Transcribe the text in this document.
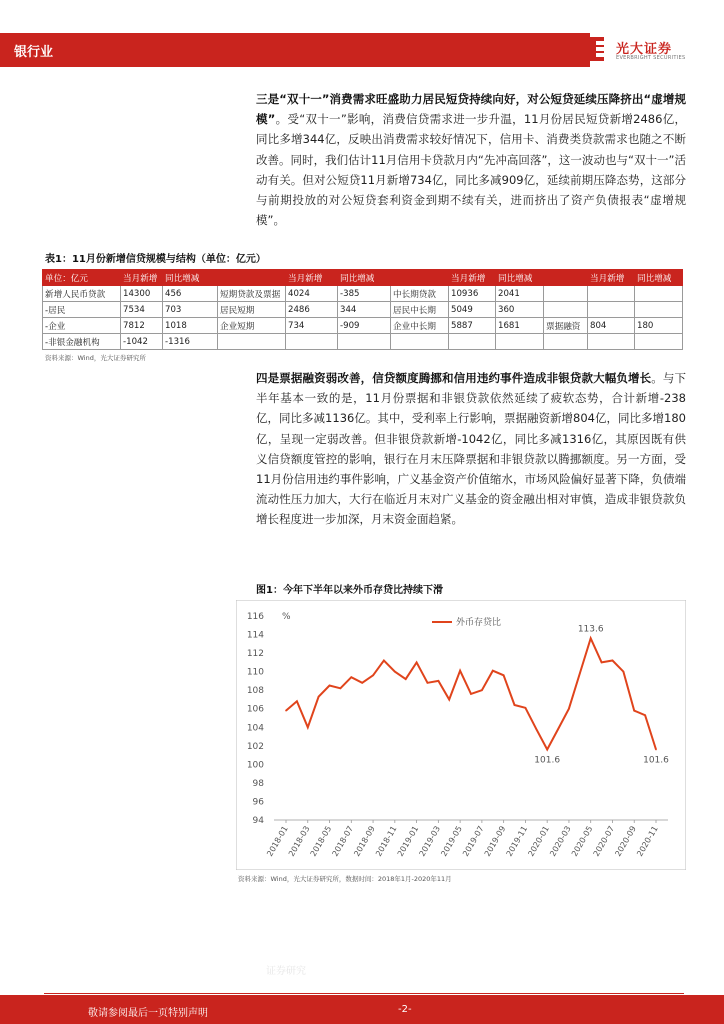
银行业	光大证券
EVERBRIGHT SECURITIES
三是“双十一”消费需求旺盛助力居民短贷持续向好，对公短贷延续压降挤出“虚增规模”。受“双十一”影响，消费信贷需求进一步升温，11月份居民短贷新增2486亿，同比多增344亿，反映出消费需求较好情况下，信用卡、消费类贷款需求也随之不断改善。同时，我们估计11月信用卡贷款月内“先冲高回落”，这一波动也与“双十一”活动有关。但对公短贷11月新增734亿，同比多减909亿，延续前期压降态势，这部分与前期投放的对公短贷套利资金到期不续有关，进而挤出了资产负债报表“虚增规模”。
表1：11月份新增信贷规模与结构（单位：亿元）
单位：亿元	当月新增	同比增减		当月新增	同比增减		当月新增	同比增减		当月新增	同比增减
新增人民币贷款	14300	456	短期贷款及票据	4024	-385	中长期贷款	10936	2041			
-居民	7534	703	居民短期	2486	344	居民中长期	5049	360			
-企业	7812	1018	企业短期	734	-909	企业中长期	5887	1681	票据融资	804	180
-非银金融机构	-1042	-1316									
资料来源：Wind，光大证券研究所
四是票据融资弱改善，信贷额度腾挪和信用违约事件造成非银贷款大幅负增长。与下半年基本一致的是，11月份票据和非银贷款依然延续了疲软态势，合计新增-238亿，同比多减1136亿。其中，受利率上行影响，票据融资新增804亿，同比多增180亿，呈现一定弱改善。但非银贷款新增-1042亿，同比多减1316亿，其原因既有供义信贷额度管控的影响，银行在月末压降票据和非银贷款以腾挪额度。另一方面，受11月份信用违约事件影响，广义基金资产价值缩水，市场风险偏好显著下降，负债端流动性压力加大，大行在临近月末对广义基金的资金融出相对审慎，造成非银贷款负增长程度进一步加深，月末资金面趋紧。
图1：今年下半年以来外币存贷比持续下滑
94
96
98
100
102
104
106
108
110
112
114
116 %
2018-01
2018-03
2018-05
2018-07
2018-09
2018-11
2019-01
2019-03
2019-05
2019-07
2019-09
2019-11
2020-01
2020-03
2020-05
2020-07
2020-09
2020-11
外币存贷比
101.6
113.6
101.6
资料来源：Wind，光大证券研究所，数据时间：2018年1月-2020年11月
证券研究
敬请参阅最后一页特别声明	-2-
